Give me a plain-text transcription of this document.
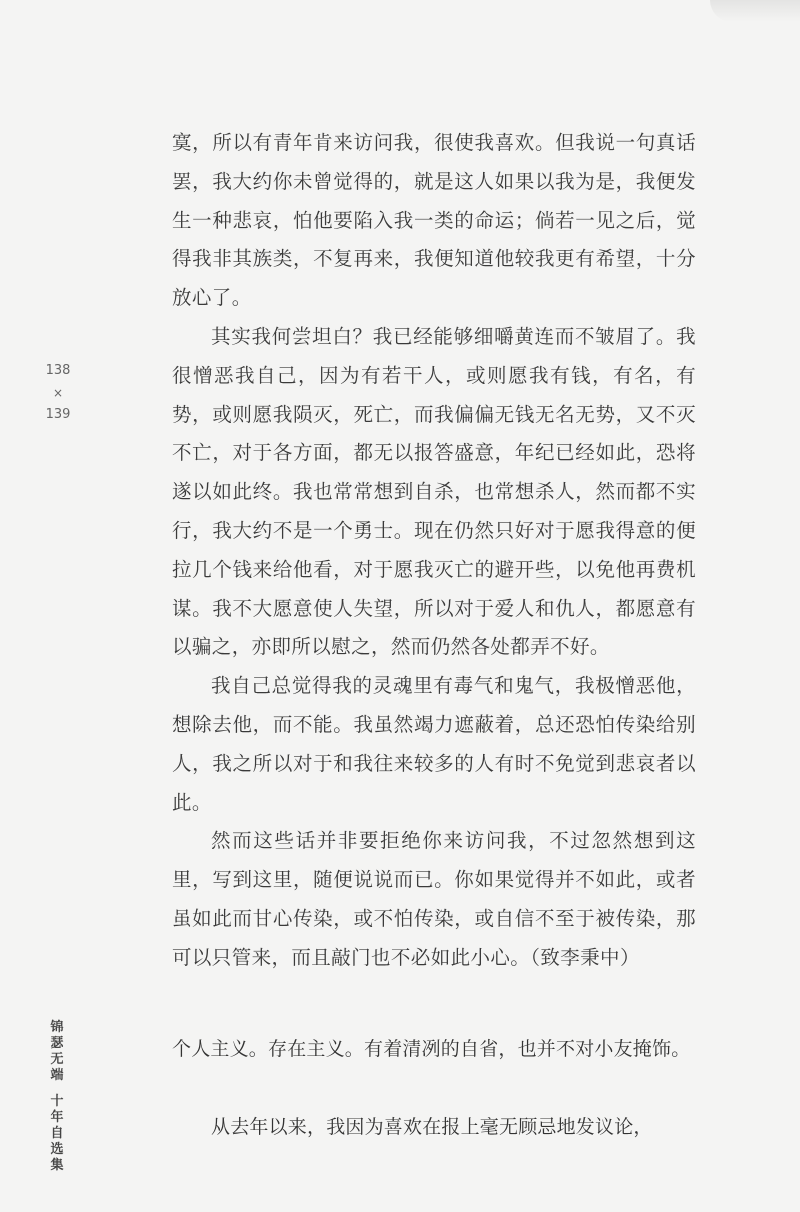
138
×
139
锦瑟无端
十年自选集

寞，所以有青年肯来访问我，很使我喜欢。但我说一句真话罢，我大约你未曾觉得的，就是这人如果以我为是，我便发生一种悲哀，怕他要陷入我一类的命运；倘若一见之后，觉得我非其族类，不复再来，我便知道他较我更有希望，十分放心了。

其实我何尝坦白？我已经能够细嚼黄连而不皱眉了。我很憎恶我自己，因为有若干人，或则愿我有钱，有名，有势，或则愿我陨灭，死亡，而我偏偏无钱无名无势，又不灭不亡，对于各方面，都无以报答盛意，年纪已经如此，恐将遂以如此终。我也常常想到自杀，也常想杀人，然而都不实行，我大约不是一个勇士。现在仍然只好对于愿我得意的便拉几个钱来给他看，对于愿我灭亡的避开些，以免他再费机谋。我不大愿意使人失望，所以对于爱人和仇人，都愿意有以骗之，亦即所以慰之，然而仍然各处都弄不好。

我自己总觉得我的灵魂里有毒气和鬼气，我极憎恶他，想除去他，而不能。我虽然竭力遮蔽着，总还恐怕传染给别人，我之所以对于和我往来较多的人有时不免觉到悲哀者以此。

然而这些话并非要拒绝你来访问我，不过忽然想到这里，写到这里，随便说说而已。你如果觉得并不如此，或者虽如此而甘心传染，或不怕传染，或自信不至于被传染，那可以只管来，而且敲门也不必如此小心。（致李秉中）

个人主义。存在主义。有着清冽的自省，也并不对小友掩饰。

从去年以来，我因为喜欢在报上毫无顾忌地发议论，
